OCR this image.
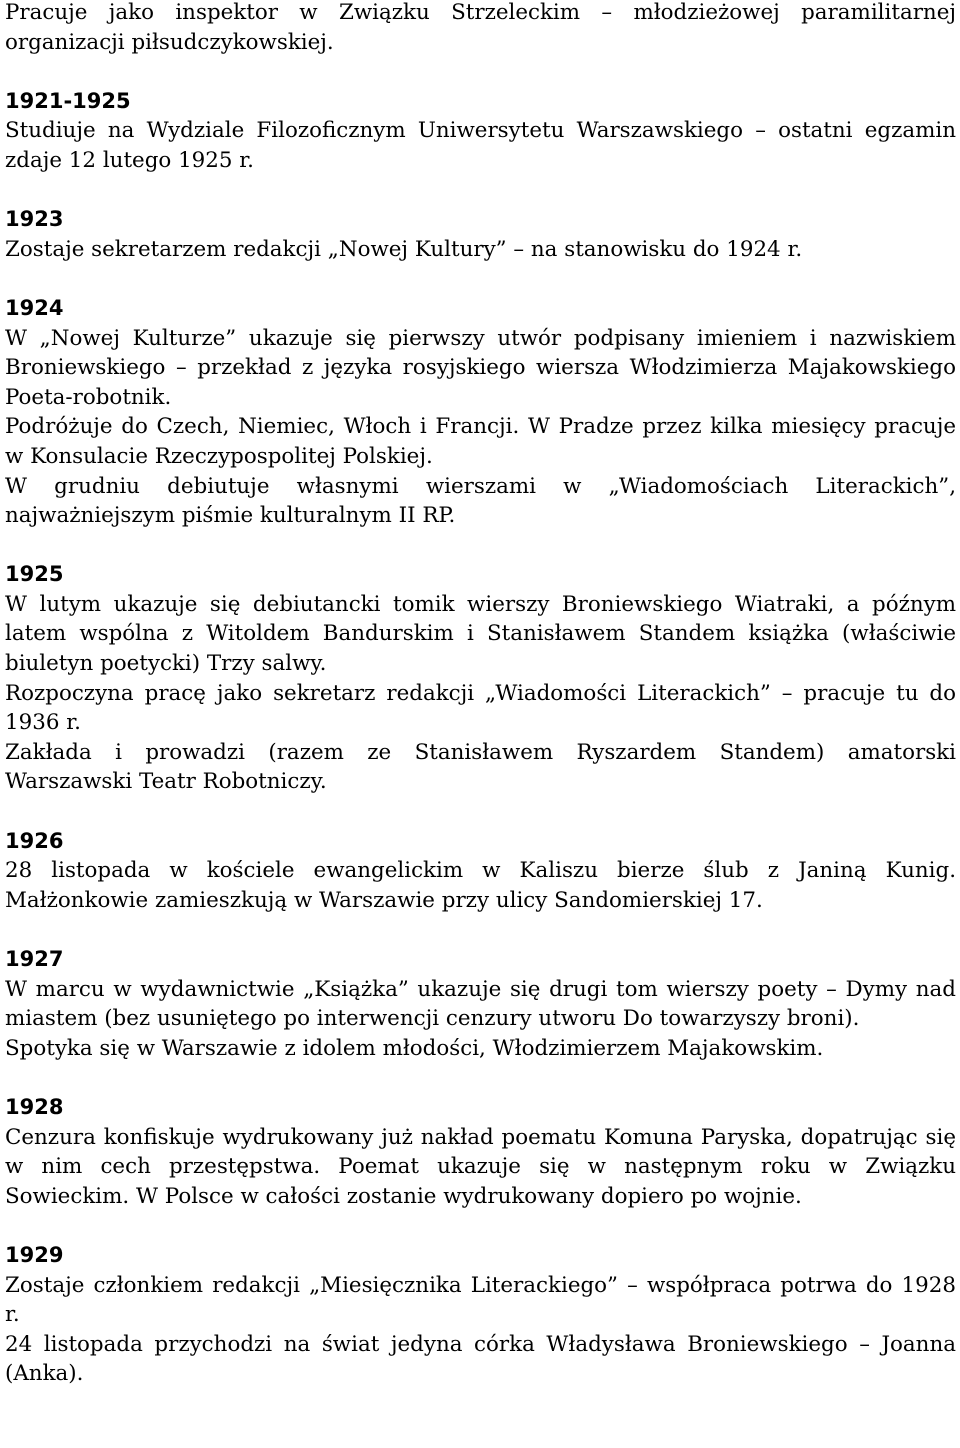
Pracuje jako inspektor w Związku Strzeleckim – młodzieżowej paramilitarnej organizacji piłsudczykowskiej.

1921-1925

Studiuje na Wydziale Filozoficznym Uniwersytetu Warszawskiego – ostatni egzamin zdaje 12 lutego 1925 r.

1923

Zostaje sekretarzem redakcji „Nowej Kultury” – na stanowisku do 1924 r.

1924

W „Nowej Kulturze” ukazuje się pierwszy utwór podpisany imieniem i nazwiskiem Broniewskiego – przekład z języka rosyjskiego wiersza Włodzimierza Majakowskiego Poeta-robotnik.

Podróżuje do Czech, Niemiec, Włoch i Francji. W Pradze przez kilka miesięcy pracuje w Konsulacie Rzeczypospolitej Polskiej.

W grudniu debiutuje własnymi wierszami w „Wiadomościach Literackich”, najważniejszym piśmie kulturalnym II RP.

1925

W lutym ukazuje się debiutancki tomik wierszy Broniewskiego Wiatraki, a późnym latem wspólna z Witoldem Bandurskim i Stanisławem Standem książka (właściwie biuletyn poetycki) Trzy salwy.

Rozpoczyna pracę jako sekretarz redakcji „Wiadomości Literackich” – pracuje tu do 1936 r.

Zakłada i prowadzi (razem ze Stanisławem Ryszardem Standem) amatorski Warszawski Teatr Robotniczy.

1926

28 listopada w kościele ewangelickim w Kaliszu bierze ślub z Janiną Kunig. Małżonkowie zamieszkują w Warszawie przy ulicy Sandomierskiej 17.

1927

W marcu w wydawnictwie „Książka” ukazuje się drugi tom wierszy poety – Dymy nad miastem (bez usuniętego po interwencji cenzury utworu Do towarzyszy broni).

Spotyka się w Warszawie z idolem młodości, Włodzimierzem Majakowskim.

1928

Cenzura konfiskuje wydrukowany już nakład poematu Komuna Paryska, dopatrując się w nim cech przestępstwa. Poemat ukazuje się w następnym roku w Związku Sowieckim. W Polsce w całości zostanie wydrukowany dopiero po wojnie.

1929

Zostaje członkiem redakcji „Miesięcznika Literackiego” – współpraca potrwa do 1928 r.

24 listopada przychodzi na świat jedyna córka Władysława Broniewskiego – Joanna (Anka).
